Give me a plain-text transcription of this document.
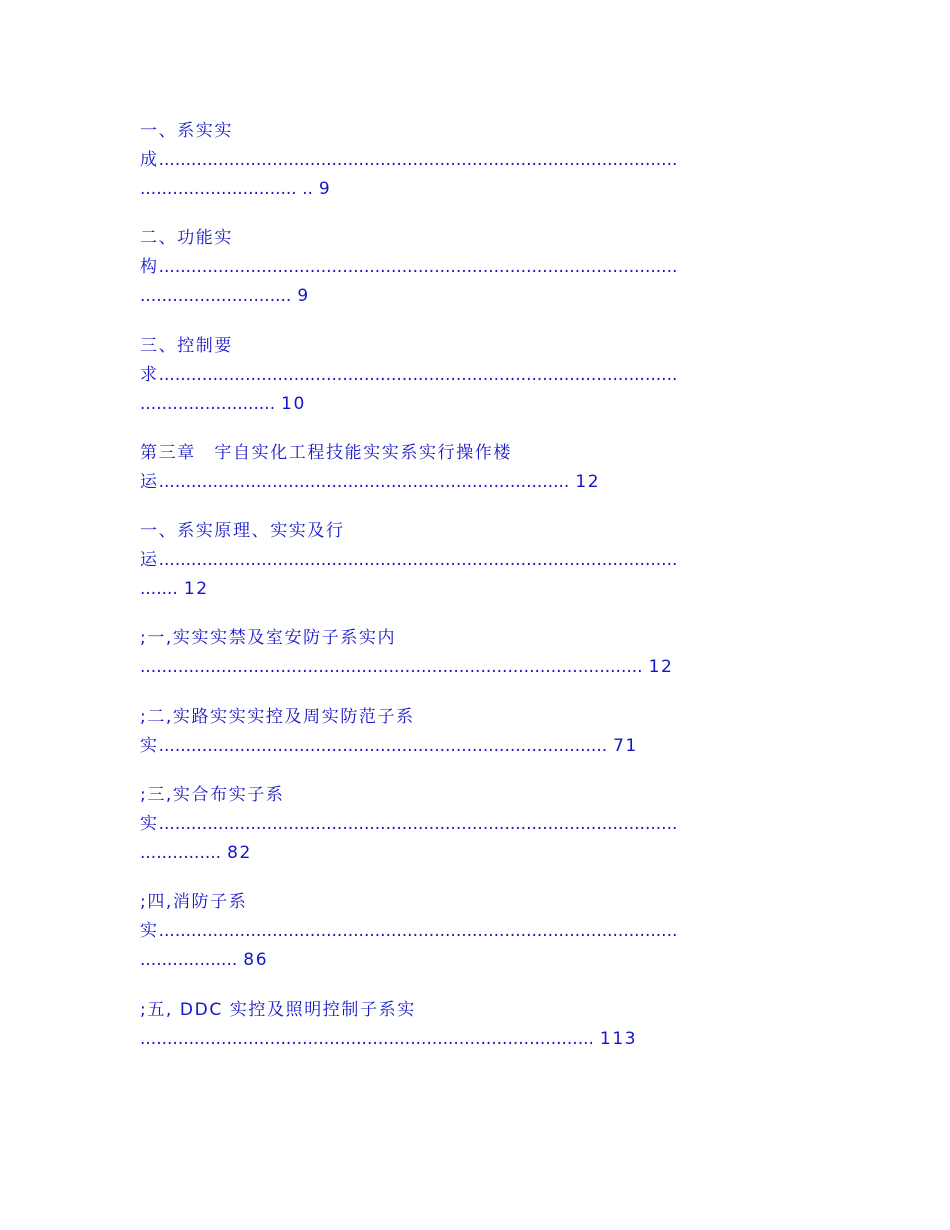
一、系实实
成................................................................................................
............................. .. 9
二、功能实
构................................................................................................
............................ 9
三、控制要
求................................................................................................
......................... 10
第三章　宇自实化工程技能实实系实行操作楼
运............................................................................ 12
一、系实原理、实实及行
运................................................................................................
....... 12
;一,实实实禁及室安防子系实内
............................................................................................. 12
;二,实路实实实控及周实防范子系
实................................................................................... 71
;三,实合布实子系
实................................................................................................
............... 82
;四,消防子系
实................................................................................................
.................. 86
;五, DDC 实控及照明控制子系实
.................................................................................... 113
